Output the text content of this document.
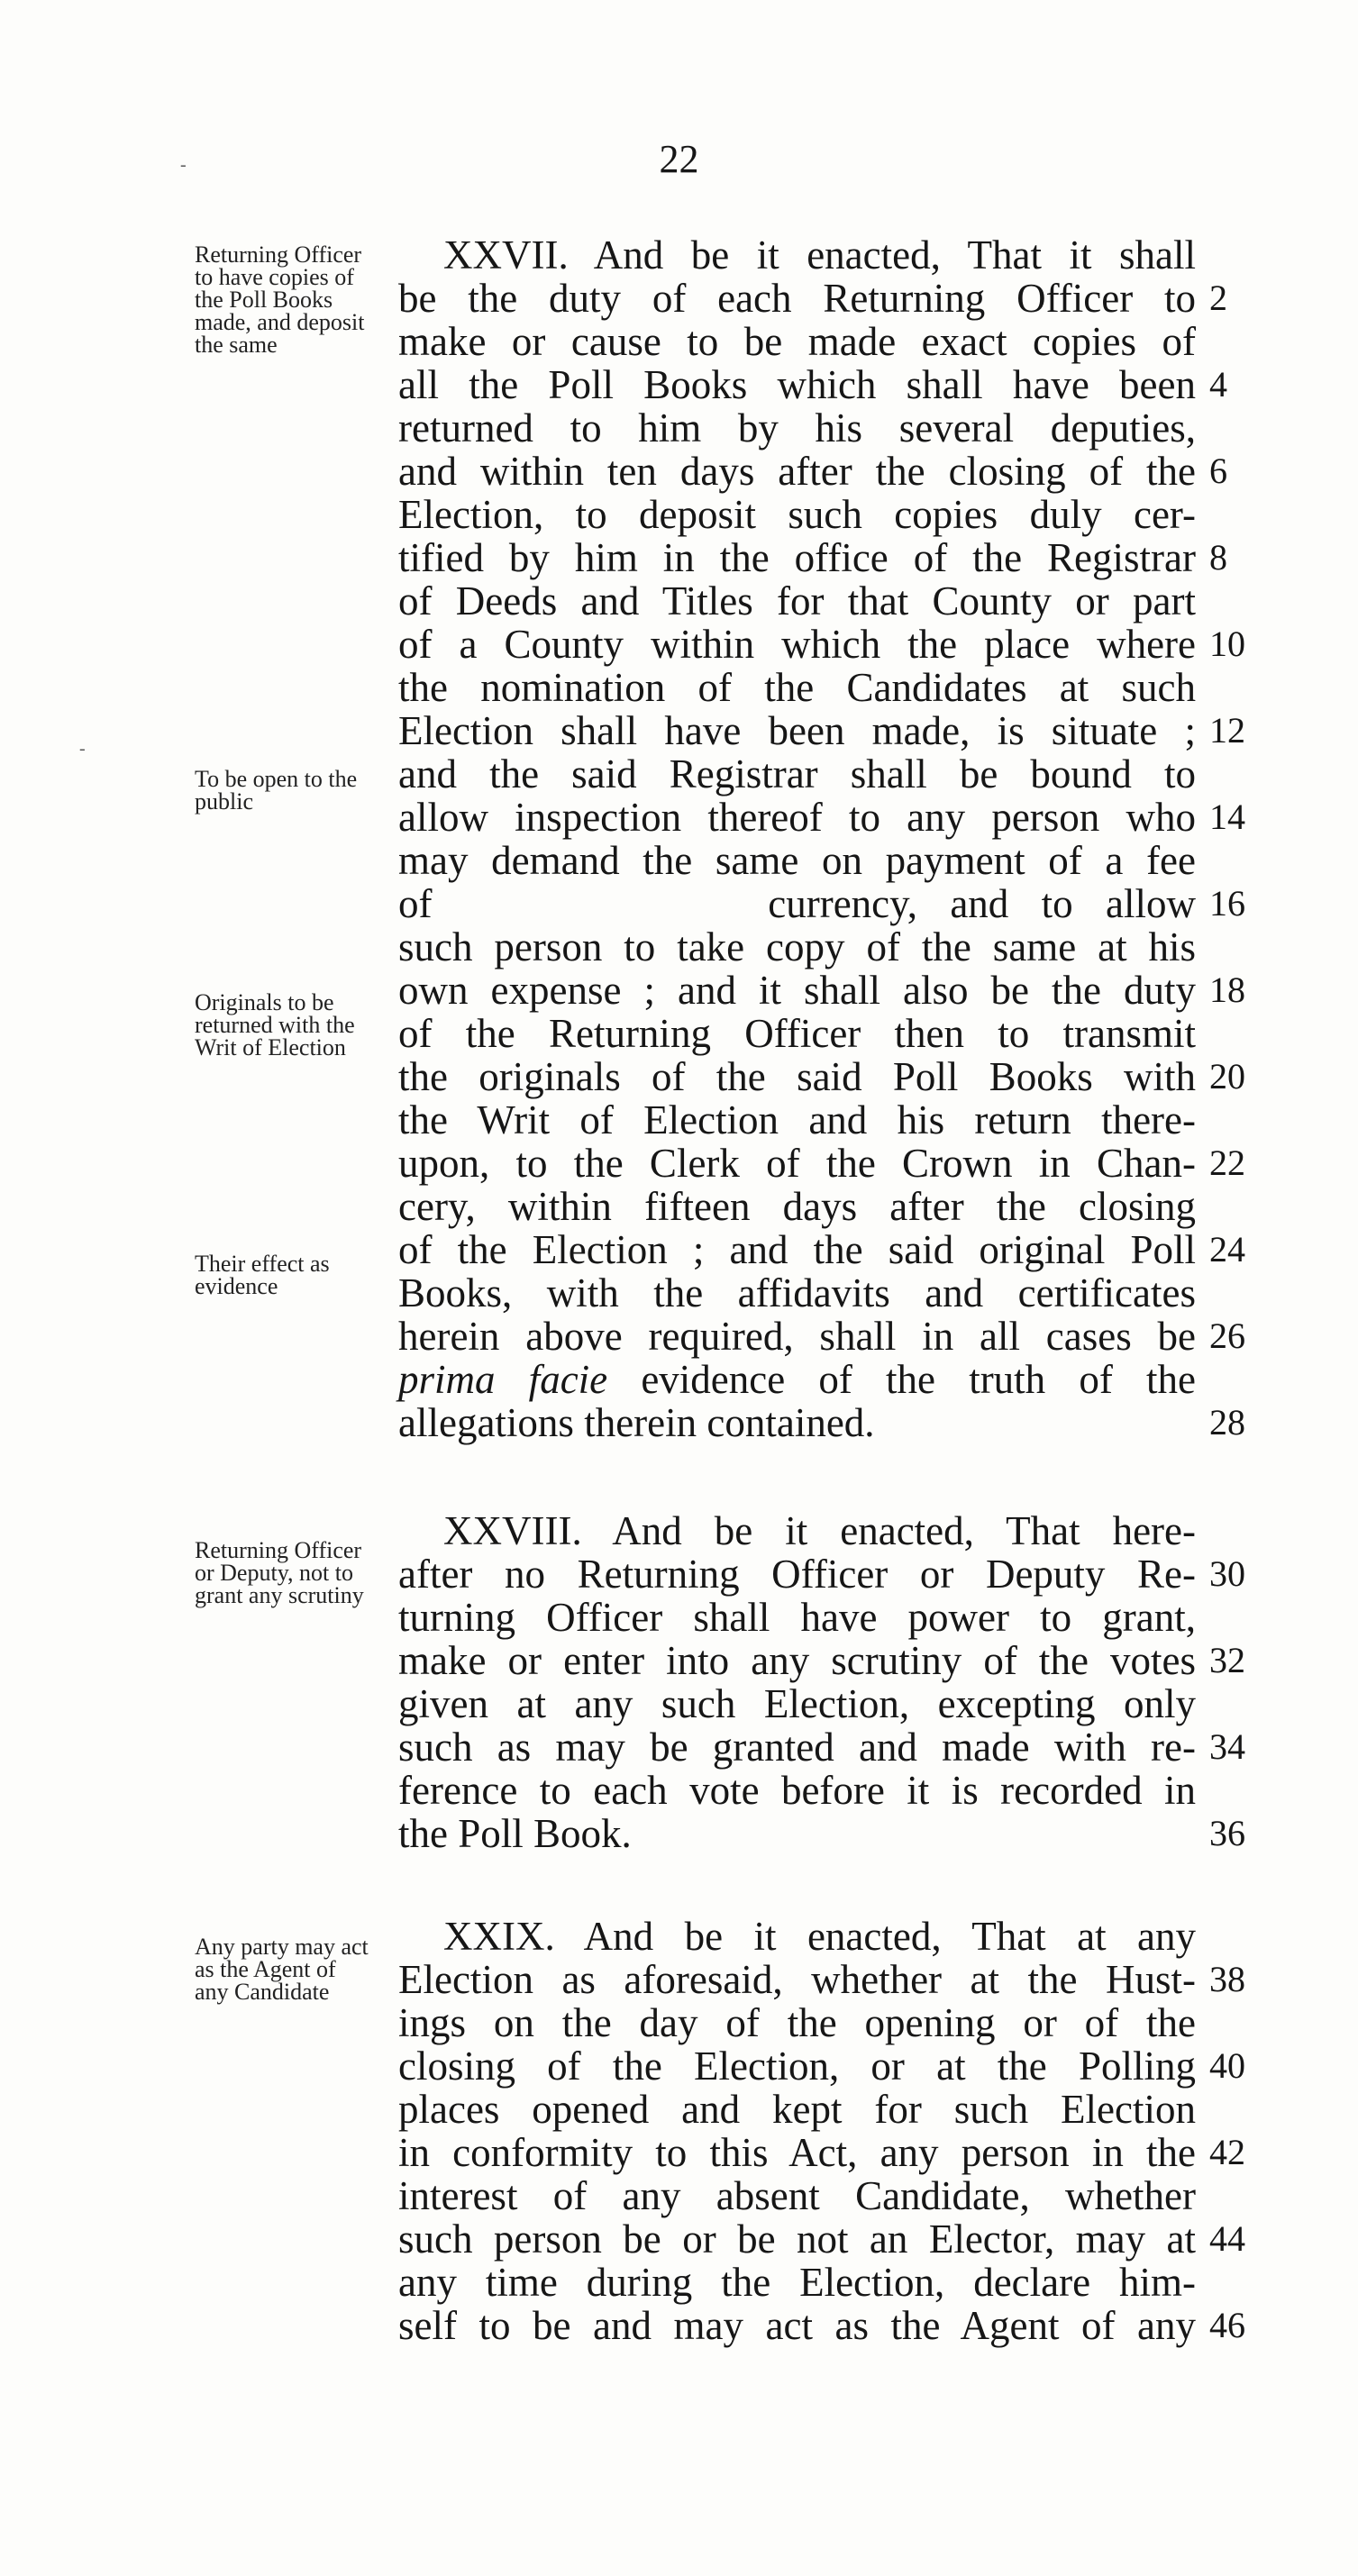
22
-
-
Returning Officer to have copies of the Poll Books made, and deposit the same
To be open to the public
Originals to be returned with the Writ of Election
Their effect as evidence
Returning Officer or Deputy, not to grant any scrutiny
Any party may act as the Agent of any Candidate
XXVII. And be it enacted, That it shall
be the duty of each Returning Officer to
make or cause to be made exact copies of
all the Poll Books which shall have been
returned to him by his several deputies,
and within ten days after the closing of the
Election, to deposit such copies duly cer-
tified by him in the office of the Registrar
of Deeds and Titles for that County or part
of a County within which the place where
the nomination of the Candidates at such
Election shall have been made, is situate ;
and the said Registrar shall be bound to
allow inspection thereof to any person who
may demand the same on payment of a fee
of	currency, and to allow
such person to take copy of the same at his
own expense ; and it shall also be the duty
of the Returning Officer then to transmit
the originals of the said Poll Books with
the Writ of Election and his return there-
upon, to the Clerk of the Crown in Chan-
cery, within fifteen days after the closing
of the Election ; and the said original Poll
Books, with the affidavits and certificates
herein above required, shall in all cases be
prima facie evidence of the truth of the
allegations therein contained.
XXVIII. And be it enacted, That here-
after no Returning Officer or Deputy Re-
turning Officer shall have power to grant,
make or enter into any scrutiny of the votes
given at any such Election, excepting only
such as may be granted and made with re-
ference to each vote before it is recorded in
the Poll Book.
XXIX. And be it enacted, That at any
Election as aforesaid, whether at the Hust-
ings on the day of the opening or of the
closing of the Election, or at the Polling
places opened and kept for such Election
in conformity to this Act, any person in the
interest of any absent Candidate, whether
such person be or be not an Elector, may at
any time during the Election, declare him-
self to be and may act as the Agent of any
2
4
6
8
10
12
14
16
18
20
22
24
26
28
30
32
34
36
38
40
42
44
46
